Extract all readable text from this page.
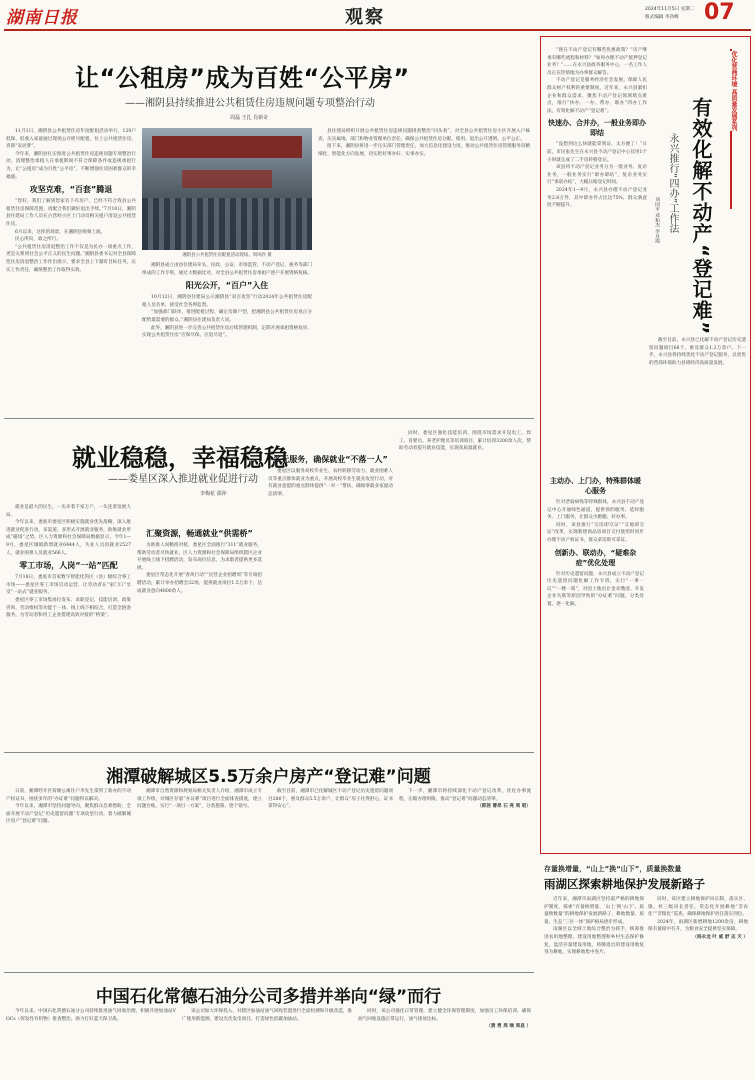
湖南日报	观察	2024年11月5日 星期二
版式编辑 李劲峰 07
让“公租房”成为百姓“公平房”
——湘阴县持续推进公共租赁住房违规问题专项整治行动
周磊 王扎 肖新奇
11月1日，湘阴县公共租赁住房年度配租活动举行，120户低保、低收入家庭通过现场公开摇号配租，住上公共租赁住房，喜圆“安居梦”。
今年来，湘阴县扎实推进公共租赁住房违规问题专项整治行动，清理整治承租人在承租期间不符合保障条件或违规承租行为，让“公租房”成为百姓“公平房”，不断增强住房困难群众的幸福感。
攻坚克难，“百套”腾退
“您好，我们了解到您家名下有房产，已经不符合我县公共租赁住房保障范围，请配合我们做好退出手续。”7月10日，湘阴县住建局工作人员在古营岭小区上门动员相关租户清退公共租赁住房。
6月以来，这样的场景，在湘阴县频频上演。
民心所向，政之所行。
“公共租赁住房清退整治工作不仅是为民办一项重点工作，更是关系到社会公平正义的民生问题。”湘阴县委书记对全县保障性住房清退整治工作作出批示，要求全县上下紧盯目标任务，压实工作责任，确保整治工作取得实效。
湘阴县公共租赁住房配租活动现场。周风欣 摄
湘阴县成立由县住建局牵头，民政、公安、市场监管、不动产登记、税务等部门组成的工作专班，通过大数据比对，对全县公共租赁住房承租户逐户开展资格复核。
阳光公开，“百户”入住
10月12日，湘阴县住建局公示湘阴县“双百攻坚”行动2024年公共租赁住房配租人员名单，接受社会各界监督。
“加强部门联审，推进配租过程、确定房源户型，把湘阴县公共租赁住房真正分配给最需要的群众。”湘阴县住建局负责人说。
此外，湘阴县进一步完善公共租赁住房后续管理机制，定期开展承租资格复审，实现公共租赁住房“应保尽保、应退尽退”。
县住建局组织开展公共租赁住房违规问题排查整治“回头看”，对全县公共租赁住房小区开展入户核查，压实属地、部门和物业管理单位责任，确保公共租赁住房分配、使用、退出公开透明、公平公正。
接下来，湘阴县将进一步压实部门管理责任，加大信息化建设力度，推动公共租赁住房管理服务向精细化、智能化方向发展，切实把好事办好、实事办实。
就业稳稳，幸福稳稳
——娄星区深入推进就业促进行动
李梅花 邵萍
就业是最大的民生，一头牵着千家万户，一头连着发展大局。
今年以来，娄底市娄星区积极实施就业优先战略，深入推进就业促进行动，多渠道、多形式开展就业服务，助推就业形成“磁场”之势。区人力资源和社会保障局数据显示，今年1—9月，娄星区城镇新增就业6444人，失业人员再就业2527人，就业困难人员就业566人。
零工市场，人岗“一站”匹配
7月18日，娄底市首家数字智能化的区（县）级综合零工市场——娄星区零工市场启动运营，让劳动者在“家门口”享受“一站式”就业服务。
娄星区零工市场集岗位发布、求职登记、技能培训、政策咨询、劳动维权等功能于一体，线上线下相结合，打造全链条服务，为劳动者和用工企业搭建高效对接的“桥梁”。
汇聚资源，畅通就业“供需桥”
为助推人岗精准对接，娄星区全面推行“311”就业服务，帮助劳动者尽快就业。区人力资源和社会保障局组织辖区企业开展线上线下招聘活动，发布岗位信息，为求职者提供更多选择。
娄星区常态化开展“春风行动”“民营企业招聘周”等专项招聘活动，累计举办招聘会32场，提供就业岗位1.5万余个，达成就业意向4800余人。
多元服务，确保就业“不落一人”
娄星区以服务高校毕业生、农村转移劳动力、就业困难人员等重点群体就业为重点，开展高校毕业生就业攻坚行动，对有就业意愿的重点群体提供“一对一”帮扶，确保零就业家庭动态清零。
同时，娄星区强化技能培训，围绕市场需求开设电工、焊工、育婴员、养老护理员等培训项目，累计培训3200余人次，帮助劳动者提升就业技能，实现高质量就业。
湘潭破解城区5.5万余户房产“登记难”问题
日前，湘潭经开区荷塘公寓住户李先生拿到了新办的不动产权证书，困扰多年的“办证难”问题得以解决。
今年以来，湘潭市坚持问题导向，聚焦群众急难愁盼，全面开展不动产登记“历史遗留问题”专项攻坚行动，着力破解城区房产“登记难”问题。
湘潭市自然资源和规划局相关负责人介绍，湘潭市成立专项工作组，对城区存量“办证难”项目进行全面排查摸底，建立问题台账，实行“一项目一方案”，分类施策、逐个销号。
截至目前，湘潭市已化解城区不动产登记历史遗留问题项目286个，惠及群众5.5万余户，让群众“房子住得舒心，证书拿得安心”。
下一步，湘潭市将持续深化不动产登记改革，优化办事流程，压缩办理时限，推动“登记难”问题动态清零。
（郭茜 曹昂 石 亮 周 昭）
中国石化常德石油分公司多措并举向“绿”而行
今年以来，中国石化常德石油分公司持续推进油气回收治理，积极开展加油站VOCs（挥发性有机物）排查整治，助力打好蓝天保卫战。
该公司加大环保投入，对辖区加油站油气回收装置进行全面检测和升级改造，推广使用新能源，建设光伏发电项目，打造绿色低碳加油站。
同时，该公司强化日常管理，建立健全环保管理制度，加强员工环保培训，确保油气回收设施正常运行，油气排放达标。
（黄 勇 周 端 周昌 ）
优化营商环境 高质量发展系列
有效化解不动产“登记难”
永兴推行“四办”工作法
刘国平 邓和杰 李丹霞
“现在不动产登记有哪些优惠政策？”房产继承有哪些流程和材料？”如何办理不动产抵押登记业务？”……在永兴县政务服务中心，一名工作人员正在热情地为办事群众解答。
不动产登记是服务经济社会发展、保障人民群众财产权利的重要制度。近年来，永兴县紧扣企业和群众需求，聚焦不动产登记领域堵点难点，推行“快办、一办、帮办、联办”四办工作法，有效化解不动产“登记难”。
快速办、合并办，一般业务即办即结
“没想到这么快就能拿到证，太方便了！”日前，市民张先生在永兴县不动产登记中心仅用1个小时就完成了二手房转移登记。
该县将不动产登记业务分为一般业务、复杂业务，一般业务实行“即办即结”，复杂业务实行“承诺办结”，大幅压缩登记时间。
2024年1—9月，永兴县办理不动产登记业务2.8万件，其中即办件占比达75%，群众满意度不断提升。
主动办、上门办，特殊群体暖心服务
针对老弱病残等特殊群体，永兴县不动产登记中心开通绿色通道，提供预约服务、延时服务、上门服务，让群众少跑腿、好办事。
同时，该县推行“交房即交证”“交地即交证”改革，实现新建商品房项目交付使用时同步办理不动产权证书，群众拿房即可拿证。
创新办、联动办，“疑难杂症”优化处理
针对历史遗留问题，永兴县成立不动产登记历史遗留问题化解工作专班，实行“一事一议”“一楼一策”，对因土地出让金未缴清、开发企业失联等原因导致的“办证难”问题，分类处置、逐一化解。
截至目前，永兴县已化解不动产登记历史遗留问题项目68个，惠及群众1.2万余户。下一步，永兴县将持续优化不动产登记服务，以更优的营商环境助力县域经济高质量发展。
存量换增量，“山上”换“山下”，质量换数量
雨湖区探索耕地保护发展新路子
近年来，湘潭市雨湖区坚持最严格的耕地保护制度，探索“存量换增量、‘山上’换‘山下’、质量换数量”的耕地保护发展新路子，耕地数量、质量、生态“三位一体”保护格局逐步形成。
雨湖区以全域土地综合整治为抓手，统筹推进农用地整理、建设用地整理和乡村生态保护修复，盘活存量建设用地，将腾退出的建设用地复垦为耕地，实现耕地集中连片。
同时，该区建立耕地保护田长制，落实区、镇、村三级田长责任，常态化开展耕地“非农化”“非粮化”巡查，确保耕地保护责任落实到位。
2024年，雨湖区新增耕地1200余亩，耕地保有量稳中有升，为粮食安全提供坚实保障。
（杨永龙 叶 威 舒 志 天 ）
